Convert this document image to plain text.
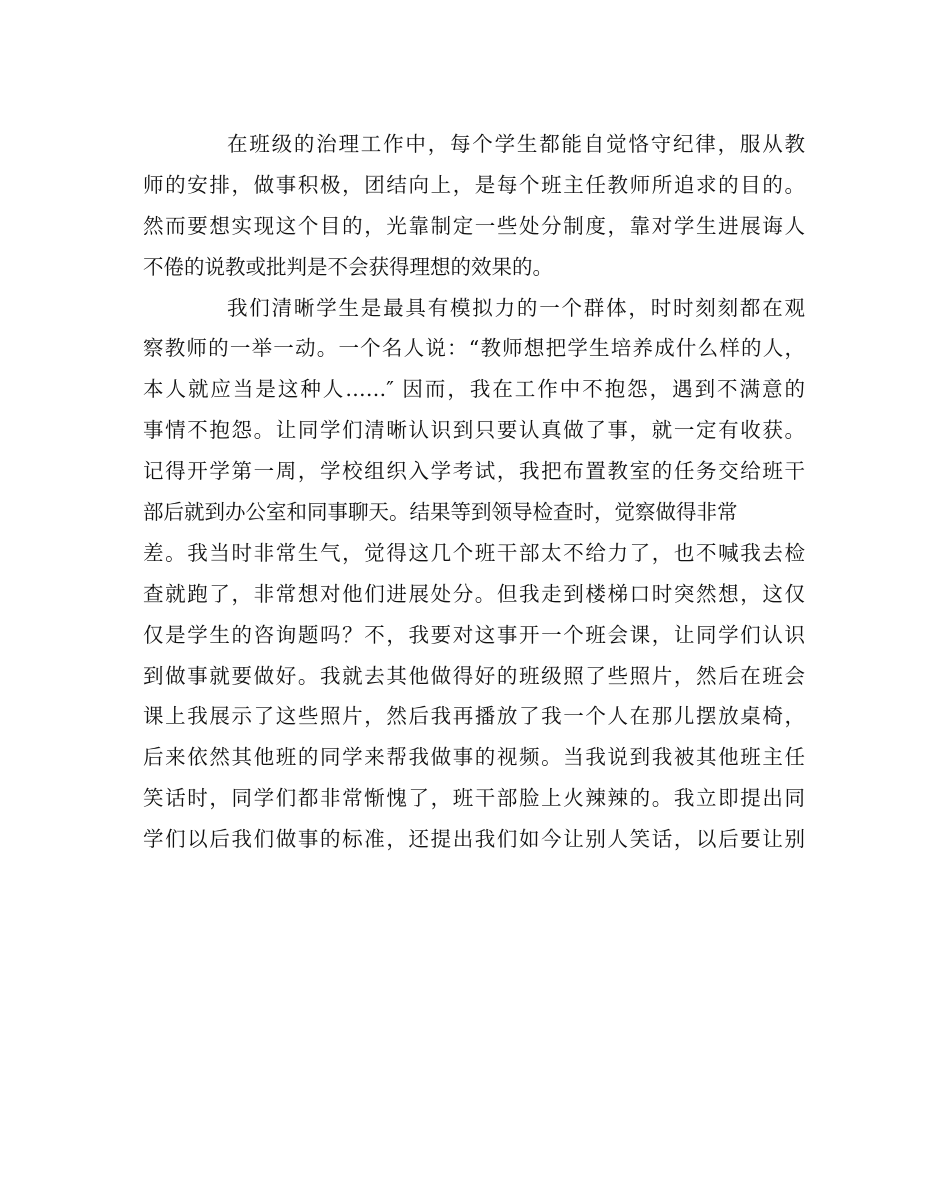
在班级的治理工作中，每个学生都能自觉恪守纪律，服从教
师的安排，做事积极，团结向上，是每个班主任教师所追求的目的。
然而要想实现这个目的，光靠制定一些处分制度，靠对学生进展诲人
不倦的说教或批判是不会获得理想的效果的。
我们清晰学生是最具有模拟力的一个群体，时时刻刻都在观
察教师的一举一动。一个名人说：“教师想把学生培养成什么样的人，
本人就应当是这种人……″ 因而，我在工作中不抱怨，遇到不满意的
事情不抱怨。让同学们清晰认识到只要认真做了事，就一定有收获。
记得开学第一周，学校组织入学考试，我把布置教室的任务交给班干
部后就到办公室和同事聊天。结果等到领导检查时，觉察做得非常
差。我当时非常生气，觉得这几个班干部太不给力了，也不喊我去检
查就跑了，非常想对他们进展处分。但我走到楼梯口时突然想，这仅
仅是学生的咨询题吗？不，我要对这事开一个班会课，让同学们认识
到做事就要做好。我就去其他做得好的班级照了些照片，然后在班会
课上我展示了这些照片，然后我再播放了我一个人在那儿摆放桌椅，
后来依然其他班的同学来帮我做事的视频。当我说到我被其他班主任
笑话时，同学们都非常惭愧了，班干部脸上火辣辣的。我立即提出同
学们以后我们做事的标准，还提出我们如今让别人笑话，以后要让别
